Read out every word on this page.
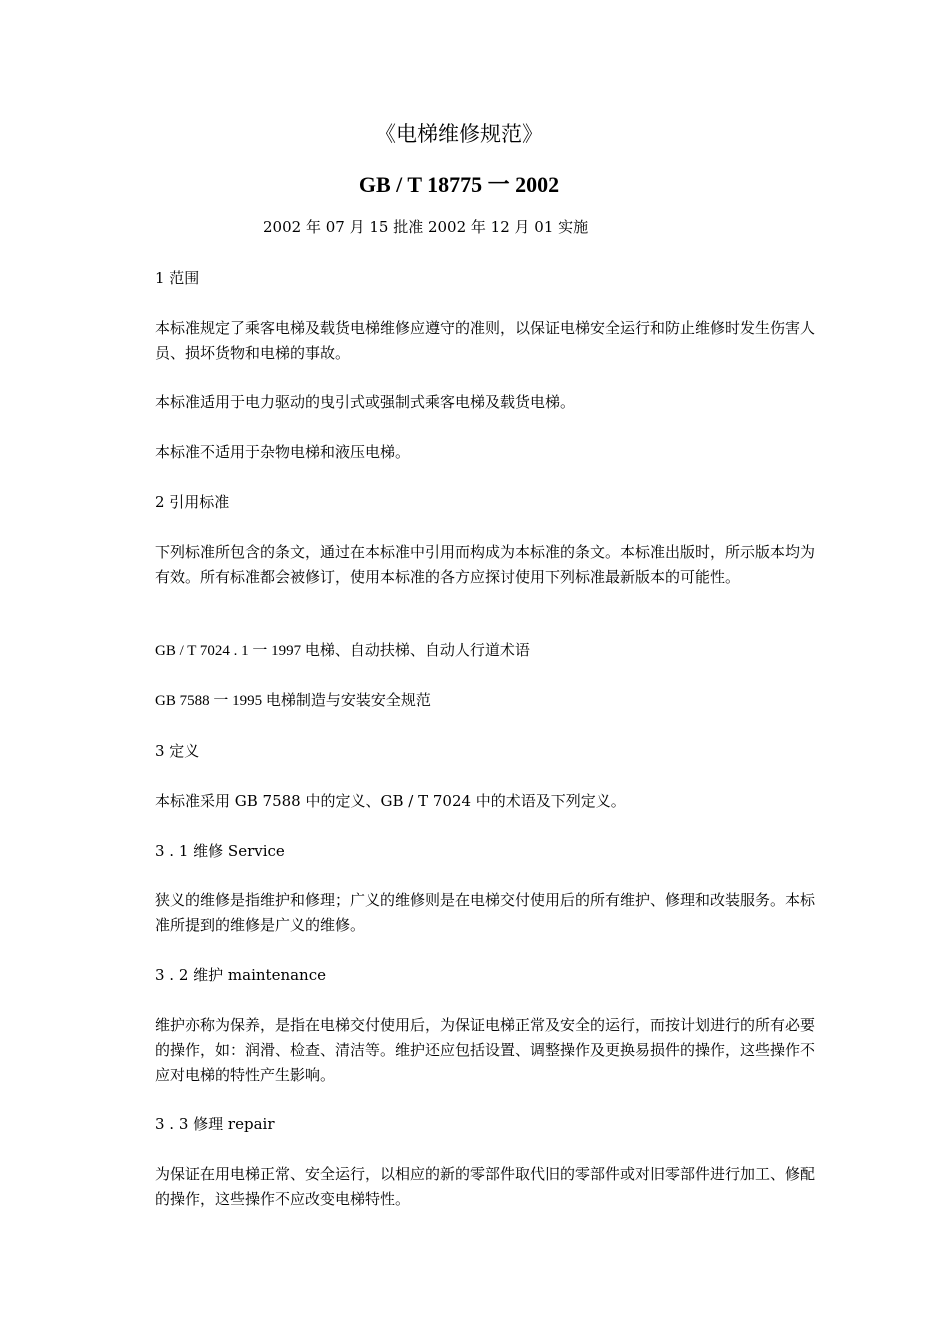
《电梯维修规范》
GB / T 18775 一 2002
2002 年 07 月 15 批准 2002 年 12 月 01 实施
1 范围
本标准规定了乘客电梯及载货电梯维修应遵守的准则，以保证电梯安全运行和防止维修时发生伤害人员、损坏货物和电梯的事故。
本标准适用于电力驱动的曳引式或强制式乘客电梯及载货电梯。
本标准不适用于杂物电梯和液压电梯。
2 引用标准
下列标准所包含的条文，通过在本标准中引用而构成为本标准的条文。本标准出版时，所示版本均为有效。所有标准都会被修订，使用本标准的各方应探讨使用下列标准最新版本的可能性。
GB / T 7024 . 1 一 1997 电梯、自动扶梯、自动人行道术语
GB 7588 一 1995 电梯制造与安装安全规范
3 定义
本标准采用 GB 7588 中的定义、GB / T 7024 中的术语及下列定义。
3 . 1 维修 Service
狭义的维修是指维护和修理；广义的维修则是在电梯交付使用后的所有维护、修理和改装服务。本标准所提到的维修是广义的维修。
3 . 2 维护 maintenance
维护亦称为保养，是指在电梯交付使用后，为保证电梯正常及安全的运行，而按计划进行的所有必要的操作，如：润滑、检查、清洁等。维护还应包括设置、调整操作及更换易损件的操作，这些操作不应对电梯的特性产生影响。
3 . 3 修理 repair
为保证在用电梯正常、安全运行，以相应的新的零部件取代旧的零部件或对旧零部件进行加工、修配的操作，这些操作不应改变电梯特性。
